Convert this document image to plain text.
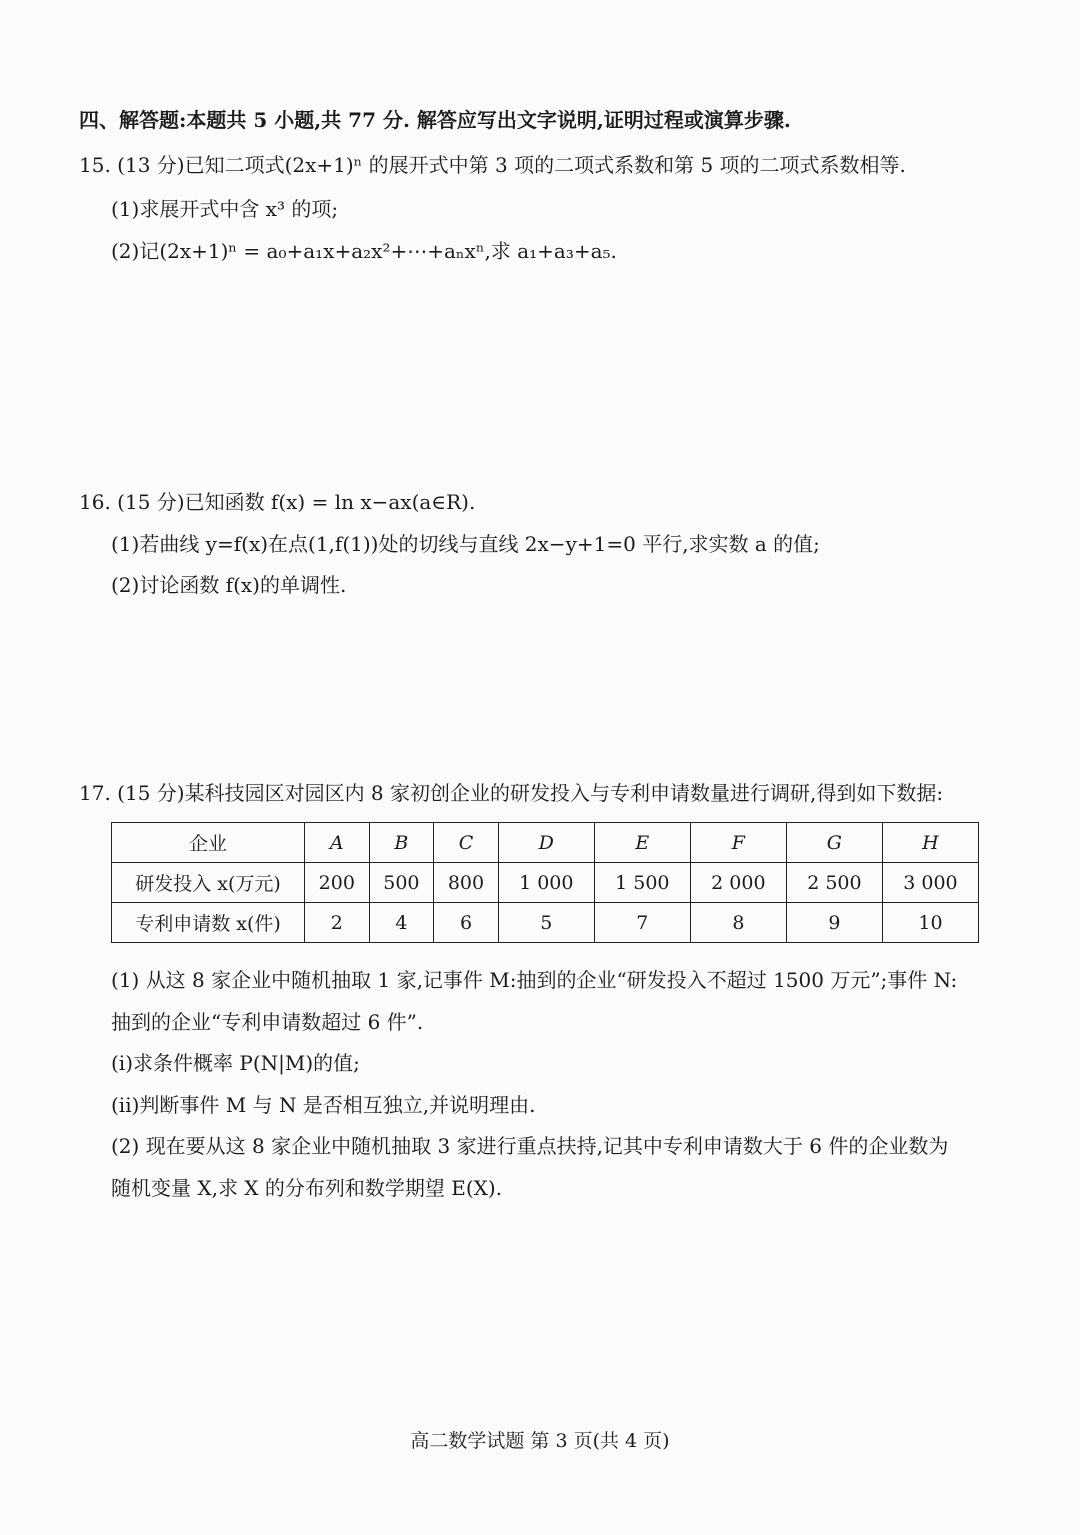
四、解答题:本题共 5 小题,共 77 分. 解答应写出文字说明,证明过程或演算步骤.
15. (13 分)已知二项式(2x+1)ⁿ 的展开式中第 3 项的二项式系数和第 5 项的二项式系数相等.
(1)求展开式中含 x³ 的项;
(2)记(2x+1)ⁿ = a₀+a₁x+a₂x²+⋯+aₙxⁿ,求 a₁+a₃+a₅.
16. (15 分)已知函数 f(x) = ln x−ax(a∈R).
(1)若曲线 y=f(x)在点(1,f(1))处的切线与直线 2x−y+1=0 平行,求实数 a 的值;
(2)讨论函数 f(x)的单调性.
17. (15 分)某科技园区对园区内 8 家初创企业的研发投入与专利申请数量进行调研,得到如下数据:
企业	A	B	C	D	E	F	G	H
研发投入 x(万元)	200	500	800	1 000	1 500	2 000	2 500	3 000
专利申请数 x(件)	2	4	6	5	7	8	9	10
(1) 从这 8 家企业中随机抽取 1 家,记事件 M:抽到的企业“研发投入不超过 1500 万元”;事件 N:
抽到的企业“专利申请数超过 6 件”.
(i)求条件概率 P(N|M)的值;
(ii)判断事件 M 与 N 是否相互独立,并说明理由.
(2) 现在要从这 8 家企业中随机抽取 3 家进行重点扶持,记其中专利申请数大于 6 件的企业数为
随机变量 X,求 X 的分布列和数学期望 E(X).
高二数学试题 第 3 页(共 4 页)
